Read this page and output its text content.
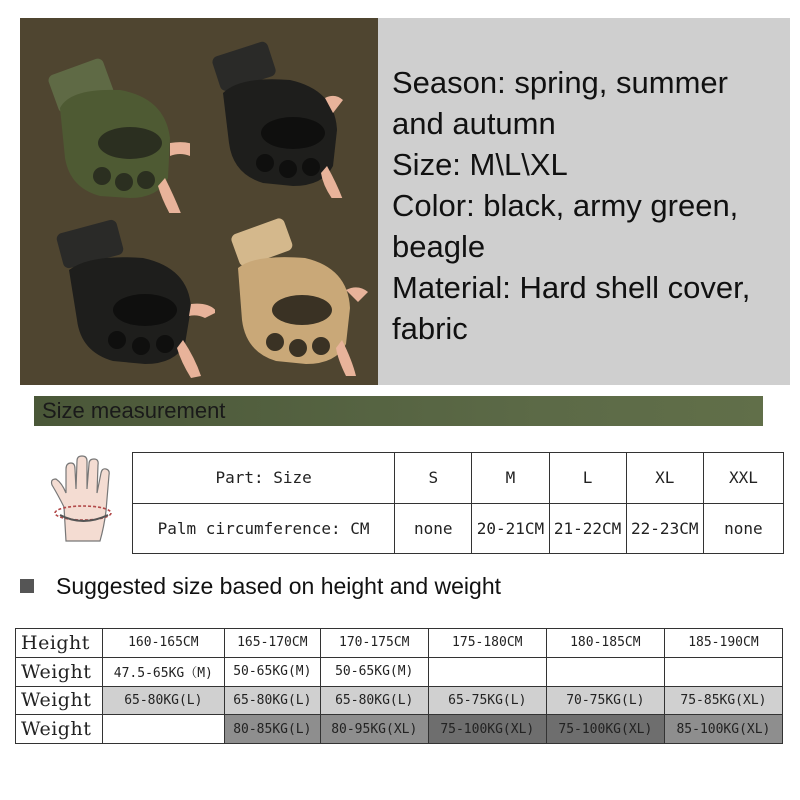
Season: spring, summer
and autumn
Size: M\L\XL
Color: black, army green,
beagle
Material: Hard shell cover,
fabric
Size measurement
Part: Size	S	M	L	XL	XXL
Palm circumference: CM	none	20-21CM	21-22CM	22-23CM	none
Suggested size based on height and weight
Height	160-165CM	165-170CM	170-175CM	175-180CM	180-185CM	185-190CM
Weight	47.5-65KG（M)	50-65KG(M)	50-65KG(M)			
Weight	65-80KG(L)	65-80KG(L)	65-80KG(L)	65-75KG(L)	70-75KG(L)	75-85KG(XL)
Weight		80-85KG(L)	80-95KG(XL)	75-100KG(XL)	75-100KG(XL)	85-100KG(XL)
